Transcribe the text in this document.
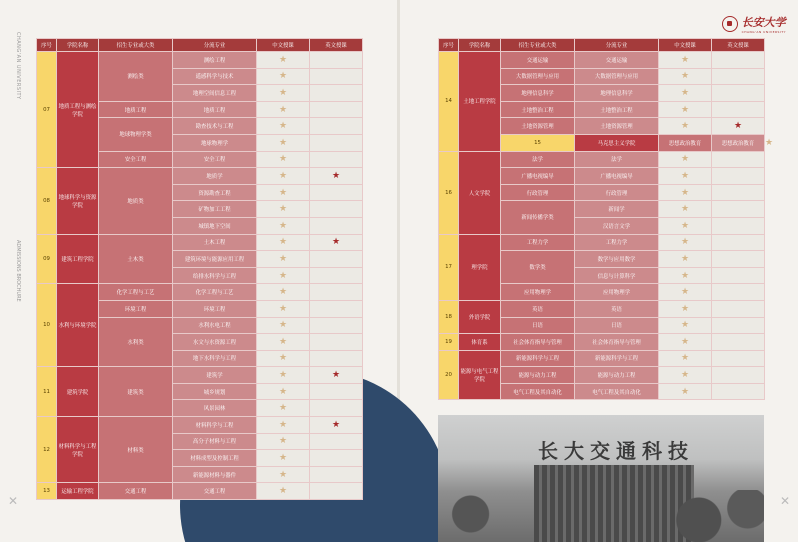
CHANG'AN UNIVERSITY
ADMISSIONS BROCHURE
✕
长安大学
CHANG'AN UNIVERSITY
✕
长大交通科技
序号	学院名称	招生专业或大类	分流专业	中文授课	英文授课
07	地质工程与测绘学院	测绘类	测绘工程	★	
			遥感科学与技术	★	
			地理空间信息工程	★	
		地质工程	地质工程	★	
		地球物理学类	勘查技术与工程	★	
			地球物理学	★	
		安全工程	安全工程	★	
08	地球科学与资源学院	地质类	地质学	★	★
			资源勘查工程	★	
			矿物加工工程	★	
			城镇地下空间	★	
09	建筑工程学院	土木类	土木工程	★	★
			建筑环境与能源应用工程	★	
			给排水科学与工程	★	
10	水利与环境学院	化学工程与工艺	化学工程与工艺	★	
		环境工程	环境工程	★	
		水利类	水利水电工程	★	
			水文与水资源工程	★	
			地下水科学与工程	★	
11	建筑学院	建筑类	建筑学	★	★
			城乡规划	★	
			风景园林	★	
12	材料科学与工程学院	材料类	材料科学与工程	★	★
			高分子材料与工程	★	
			材料成型及控制工程	★	
			新能源材料与器件	★	
13	运输工程学院	交通工程	交通工程	★	
序号	学院名称	招生专业或大类	分流专业	中文授课	英文授课	
14	土地工程学院	交通运输	交通运输	★		
		大数据管理与应用	大数据管理与应用	★		
		地理信息科学	地理信息科学	★		
		土地整治工程	土地整治工程	★		
		土地资源管理	土地资源管理	★	★	
		15	马克思主义学院	思想政治教育	思想政治教育	★	
16	人文学院	法学	法学	★		
		广播电视编导	广播电视编导	★		
		行政管理	行政管理	★		
		新闻传播学类	新闻学	★		
			汉语言文学	★		
17	理学院	工程力学	工程力学	★		
		数学类	数学与应用数学	★		
			信息与计算科学	★		
		应用物理学	应用物理学	★		
18	外语学院	英语	英语	★		
		日语	日语	★		
19	体育系	社会体育指导与管理	社会体育指导与管理	★		
20	能源与电气工程学院	新能源科学与工程	新能源科学与工程	★		
		能源与动力工程	能源与动力工程	★		
		电气工程及其自动化	电气工程及其自动化	★		
